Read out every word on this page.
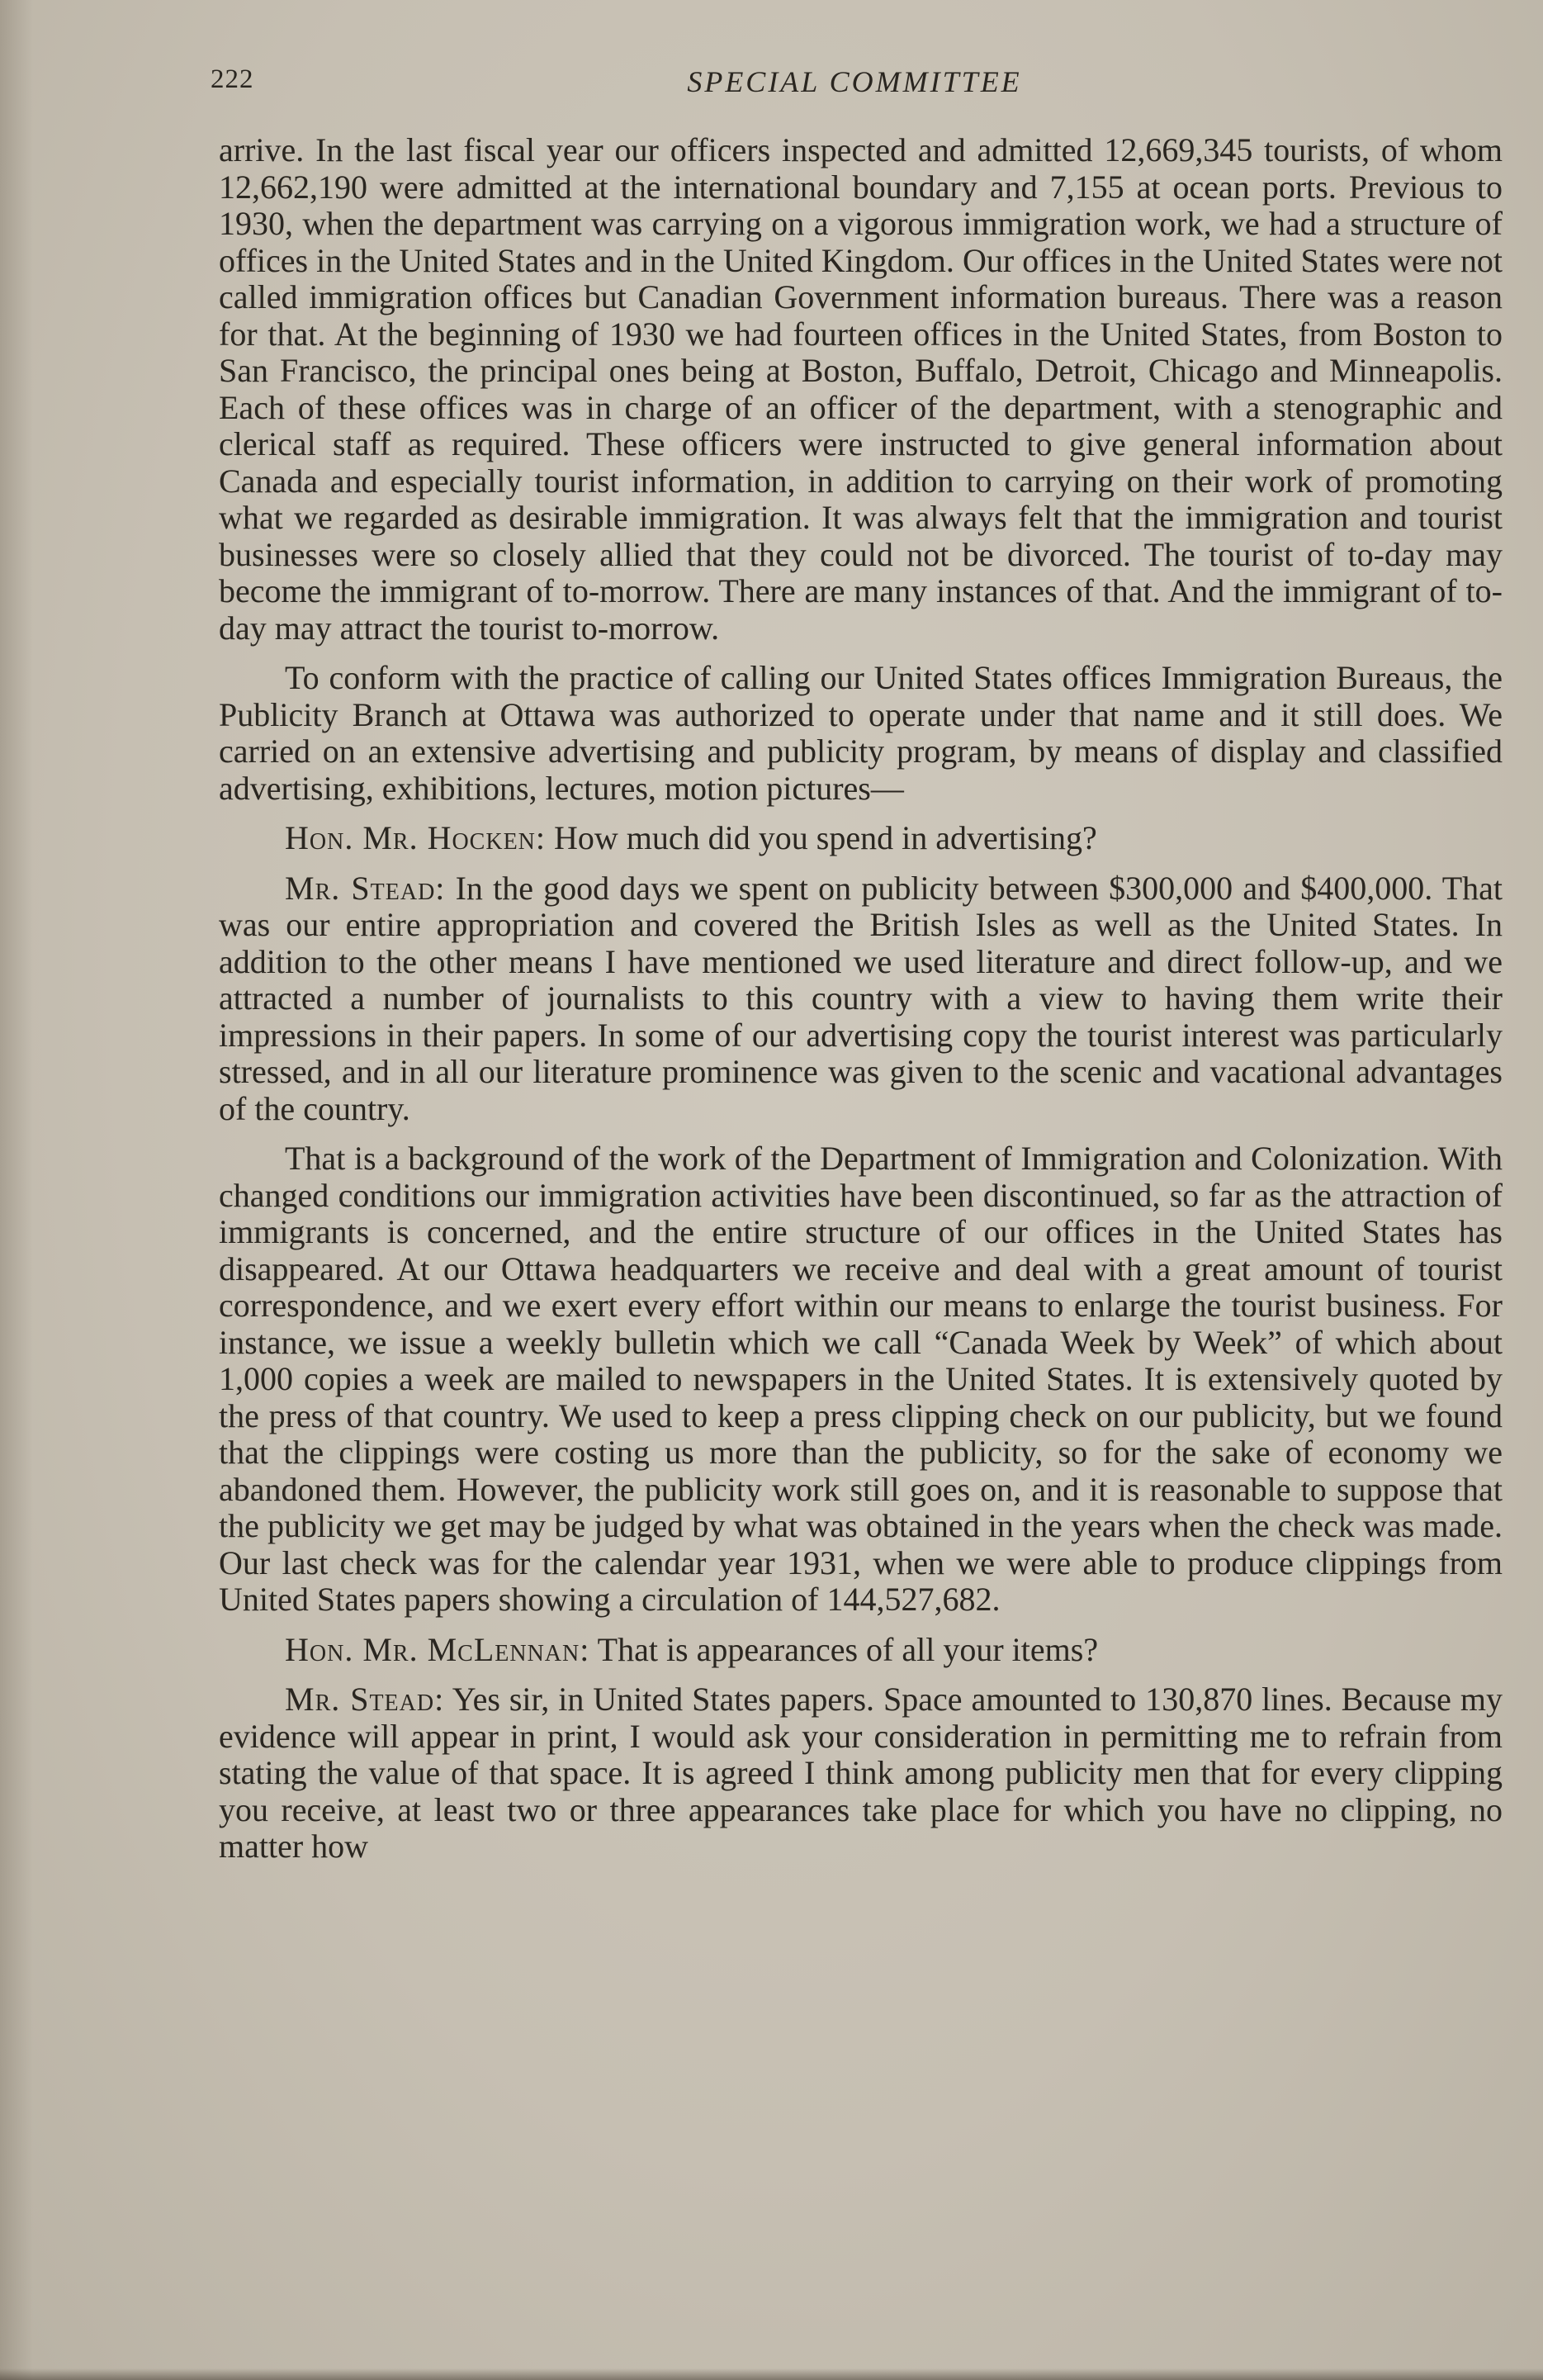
222	SPECIAL COMMITTEE

arrive. In the last fiscal year our officers inspected and admitted 12,669,345 tourists, of whom 12,662,190 were admitted at the international boundary and 7,155 at ocean ports. Previous to 1930, when the department was carrying on a vigorous immigration work, we had a structure of offices in the United States and in the United Kingdom. Our offices in the United States were not called immigration offices but Canadian Government information bureaus. There was a reason for that. At the beginning of 1930 we had fourteen offices in the United States, from Boston to San Francisco, the principal ones being at Boston, Buffalo, Detroit, Chicago and Minneapolis. Each of these offices was in charge of an officer of the department, with a stenographic and clerical staff as required. These officers were instructed to give general information about Canada and especially tourist information, in addition to carrying on their work of promoting what we regarded as desirable immigration. It was always felt that the immigration and tourist businesses were so closely allied that they could not be divorced. The tourist of to-day may become the immigrant of to-morrow. There are many instances of that. And the immigrant of to-day may attract the tourist to-morrow.

To conform with the practice of calling our United States offices Immigration Bureaus, the Publicity Branch at Ottawa was authorized to operate under that name and it still does. We carried on an extensive advertising and publicity program, by means of display and classified advertising, exhibitions, lectures, motion pictures—

Hon. Mr. Hocken: How much did you spend in advertising?

Mr. Stead: In the good days we spent on publicity between $300,000 and $400,000. That was our entire appropriation and covered the British Isles as well as the United States. In addition to the other means I have mentioned we used literature and direct follow-up, and we attracted a number of journalists to this country with a view to having them write their impressions in their papers. In some of our advertising copy the tourist interest was particularly stressed, and in all our literature prominence was given to the scenic and vacational advantages of the country.

That is a background of the work of the Department of Immigration and Colonization. With changed conditions our immigration activities have been discontinued, so far as the attraction of immigrants is concerned, and the entire structure of our offices in the United States has disappeared. At our Ottawa headquarters we receive and deal with a great amount of tourist correspondence, and we exert every effort within our means to enlarge the tourist business. For instance, we issue a weekly bulletin which we call “Canada Week by Week” of which about 1,000 copies a week are mailed to newspapers in the United States. It is extensively quoted by the press of that country. We used to keep a press clipping check on our publicity, but we found that the clippings were costing us more than the publicity, so for the sake of economy we abandoned them. However, the publicity work still goes on, and it is reasonable to suppose that the publicity we get may be judged by what was obtained in the years when the check was made. Our last check was for the calendar year 1931, when we were able to produce clippings from United States papers showing a circulation of 144,527,682.

Hon. Mr. McLennan: That is appearances of all your items?

Mr. Stead: Yes sir, in United States papers. Space amounted to 130,870 lines. Because my evidence will appear in print, I would ask your consideration in permitting me to refrain from stating the value of that space. It is agreed I think among publicity men that for every clipping you receive, at least two or three appearances take place for which you have no clipping, no matter how
